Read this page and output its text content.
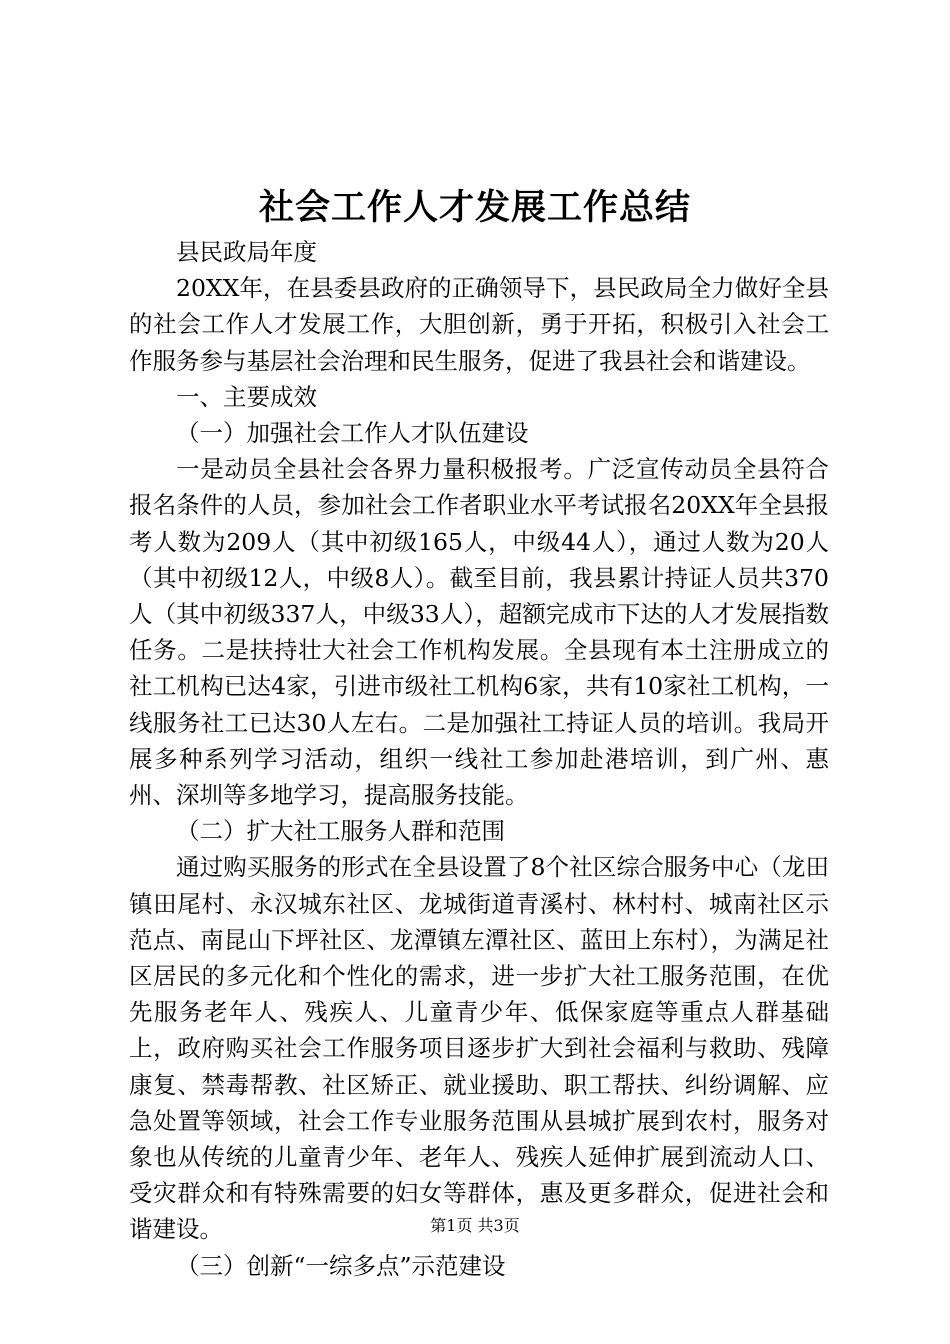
社会工作人才发展工作总结

县民政局年度

20XX年，在县委县政府的正确领导下，县民政局全力做好全县的社会工作人才发展工作，大胆创新，勇于开拓，积极引入社会工作服务参与基层社会治理和民生服务，促进了我县社会和谐建设。

一、主要成效

（一）加强社会工作人才队伍建设

一是动员全县社会各界力量积极报考。广泛宣传动员全县符合报名条件的人员，参加社会工作者职业水平考试报名20XX年全县报考人数为209人（其中初级165人，中级44人），通过人数为20人（其中初级12人，中级8人）。截至目前，我县累计持证人员共370人（其中初级337人，中级33人），超额完成市下达的人才发展指数任务。二是扶持壮大社会工作机构发展。全县现有本土注册成立的社工机构已达4家，引进市级社工机构6家，共有10家社工机构，一线服务社工已达30人左右。二是加强社工持证人员的培训。我局开展多种系列学习活动，组织一线社工参加赴港培训，到广州、惠州、深圳等多地学习，提高服务技能。

（二）扩大社工服务人群和范围

通过购买服务的形式在全县设置了8个社区综合服务中心（龙田镇田尾村、永汉城东社区、龙城街道青溪村、林村村、城南社区示范点、南昆山下坪社区、龙潭镇左潭社区、蓝田上东村），为满足社区居民的多元化和个性化的需求，进一步扩大社工服务范围，在优先服务老年人、残疾人、儿童青少年、低保家庭等重点人群基础上，政府购买社会工作服务项目逐步扩大到社会福利与救助、残障康复、禁毒帮教、社区矫正、就业援助、职工帮扶、纠纷调解、应急处置等领域，社会工作专业服务范围从县城扩展到农村，服务对象也从传统的儿童青少年、老年人、残疾人延伸扩展到流动人口、受灾群众和有特殊需要的妇女等群体，惠及更多群众，促进社会和谐建设。

（三）创新“一综多点”示范建设

第1页 共3页
